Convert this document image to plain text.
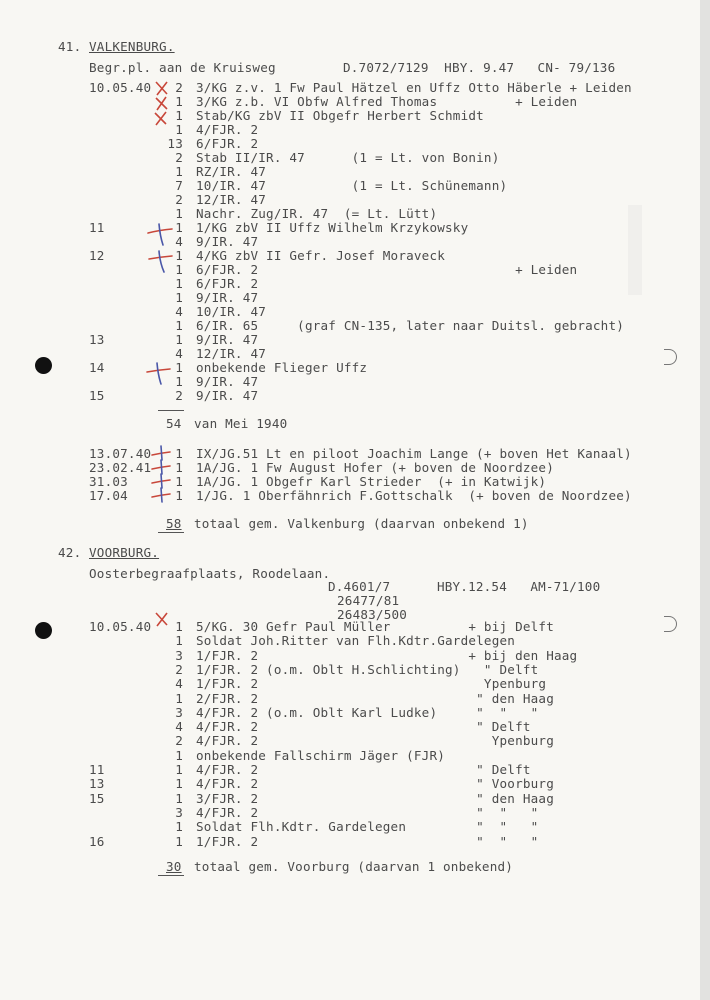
41. VALKENBURG.
Begr.pl. aan de Kruisweg	D.7072/7129  HBY. 9.47   CN- 79/136
10.05.40	2 3/KG z.v. 1 Fw Paul Hätzel en Uffz Otto Häberle + Leiden
1 3/KG z.b. VI Obfw Alfred Thomas          + Leiden
1 Stab/KG zbV II Obgefr Herbert Schmidt
1 4/FJR. 2
13 6/FJR. 2
2 Stab II/IR. 47      (1 = Lt. von Bonin)
1 RZ/IR. 47
7 10/IR. 47           (1 = Lt. Schünemann)
2 12/IR. 47
1 Nachr. Zug/IR. 47  (= Lt. Lütt)
11	1 1/KG zbV II Uffz Wilhelm Krzykowsky
4 9/IR. 47
12	1 4/KG zbV II Gefr. Josef Moraveck
1 6/FJR. 2                                 + Leiden
1 6/FJR. 2
1 9/IR. 47
4 10/IR. 47
1 6/IR. 65     (graf CN-135, later naar Duitsl. gebracht)
13	1 9/IR. 47
4 12/IR. 47
14	1 onbekende Flieger Uffz
1 9/IR. 47
15	2 9/IR. 47
54 van Mei 1940
13.07.40	1 IX/JG.51 Lt en piloot Joachim Lange (+ boven Het Kanaal)
23.02.41	1 1A/JG. 1 Fw August Hofer (+ boven de Noordzee)
31.03	1 1A/JG. 1 Obgefr Karl Strieder  (+ in Katwijk)
17.04	1 1/JG. 1 Oberfähnrich F.Gottschalk  (+ boven de Noordzee)
58 totaal gem. Valkenburg (daarvan onbekend 1)
42. VOORBURG.
Oosterbegraafplaats, Roodelaan.
D.4601/7      HBY.12.54   AM-71/100
26477/81
26483/500
10.05.40	1 5/KG. 30 Gefr Paul Müller          + bij Delft
1 Soldat Joh.Ritter van Flh.Kdtr.Gardelegen
3 1/FJR. 2                           + bij den Haag
2 1/FJR. 2 (o.m. Oblt H.Schlichting)   " Delft
4 1/FJR. 2                             Ypenburg
1 2/FJR. 2                            " den Haag
3 4/FJR. 2 (o.m. Oblt Karl Ludke)     "  "   "
4 4/FJR. 2                            " Delft
2 4/FJR. 2                              Ypenburg
1 onbekende Fallschirm Jäger (FJR)
11	1 4/FJR. 2                            " Delft
13	1 4/FJR. 2                            " Voorburg
15	1 3/FJR. 2                            " den Haag
3 4/FJR. 2                            "  "   "
1 Soldat Flh.Kdtr. Gardelegen         "  "   "
16	1 1/FJR. 2                            "  "   "
30 totaal gem. Voorburg (daarvan 1 onbekend)
